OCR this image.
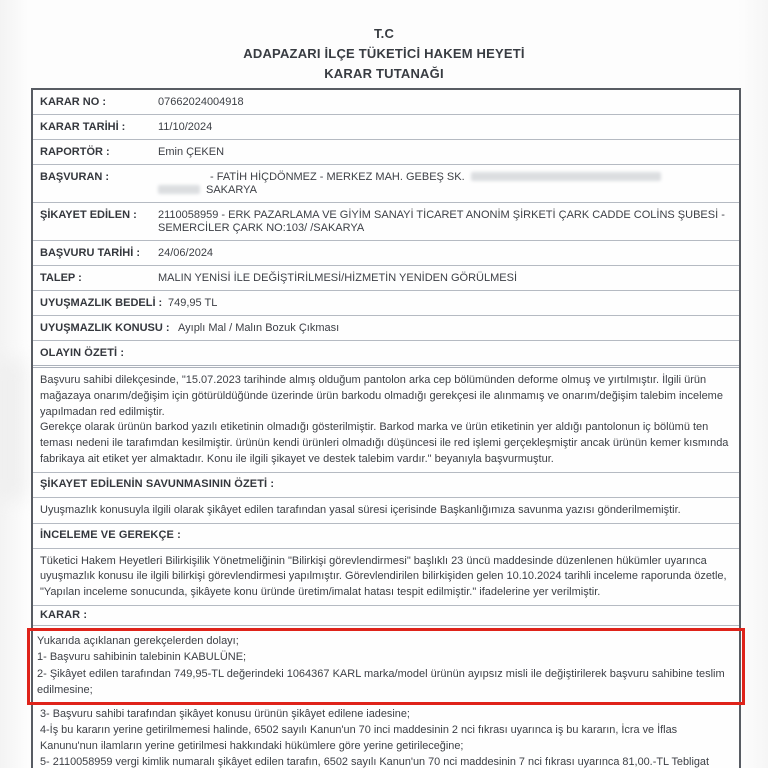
T.C
ADAPAZARI İLÇE TÜKETİCİ HAKEM HEYETİ
KARAR TUTANAĞI
KARAR NO :	07662024004918
KARAR TARİHİ :	11/10/2024
RAPORTÖR :	Emin ÇEKEN
BAŞVURAN :	- FATİH HİÇDÖNMEZ - MERKEZ MAH. GEBEŞ SK.
SAKARYA
ŞİKAYET EDİLEN :	2110058959 - ERK PAZARLAMA VE GİYİM SANAYİ TİCARET ANONİM ŞİRKETİ ÇARK CADDE COLİNS ŞUBESİ - SEMERCİLER ÇARK NO:103/ /SAKARYA
BAŞVURU TARİHİ :	24/06/2024
TALEP :	MALIN YENİSİ İLE DEĞİŞTİRİLMESİ/HİZMETİN YENİDEN GÖRÜLMESİ
UYUŞMAZLIK BEDELİ : 749,95 TL
UYUŞMAZLIK KONUSU : Ayıplı Mal / Malın Bozuk Çıkması
OLAYIN ÖZETİ :
Başvuru sahibi dilekçesinde, "15.07.2023 tarihinde almış olduğum pantolon arka cep bölümünden deforme olmuş ve yırtılmıştır. İlgili ürün mağazaya onarım/değişim için götürüldüğünde üzerinde ürün barkodu olmadığı gerekçesi ile alınmamış ve onarım/değişim talebim inceleme yapılmadan red edilmiştir.
Gerekçe olarak ürünün barkod yazılı etiketinin olmadığı gösterilmiştir. Barkod marka ve ürün etiketinin yer aldığı pantolonun iç bölümü ten teması nedeni ile tarafımdan kesilmiştir. ürünün kendi ürünleri olmadığı düşüncesi ile red işlemi gerçekleşmiştir ancak ürünün kemer kısmında fabrikaya ait etiket yer almaktadır. Konu ile ilgili şikayet ve destek talebim vardır." beyanıyla başvurmuştur.
ŞİKAYET EDİLENİN SAVUNMASININ ÖZETİ :
Uyuşmazlık konusuyla ilgili olarak şikâyet edilen tarafından yasal süresi içerisinde Başkanlığımıza savunma yazısı gönderilmemiştir.
İNCELEME VE GEREKÇE :
Tüketici Hakem Heyetleri Bilirkişilik Yönetmeliğinin "Bilirkişi görevlendirmesi" başlıklı 23 üncü maddesinde düzenlenen hükümler uyarınca uyuşmazlık konusu ile ilgili bilirkişi görevlendirmesi yapılmıştır. Görevlendirilen bilirkişiden gelen 10.10.2024 tarihli inceleme raporunda özetle, "Yapılan inceleme sonucunda, şikâyete konu üründe üretim/imalat hatası tespit edilmiştir." ifadelerine yer verilmiştir.
KARAR :
Yukarıda açıklanan gerekçelerden dolayı;
1- Başvuru sahibinin talebinin KABULÜNE;
2- Şikâyet edilen tarafından 749,95-TL değerindeki 1064367 KARL marka/model ürünün ayıpsız misli ile değiştirilerek başvuru sahibine teslim edilmesine;
3- Başvuru sahibi tarafından şikâyet konusu ürünün şikâyet edilene iadesine;
4-İş bu kararın yerine getirilmemesi halinde, 6502 sayılı Kanun'un 70 inci maddesinin 2 nci fıkrası uyarınca iş bu kararın, İcra ve İflas Kanunu'nun ilamların yerine getirilmesi hakkındaki hükümlere göre yerine getirileceğine;
5- 2110058959 vergi kimlik numaralı şikâyet edilen tarafın, 6502 sayılı Kanun'un 70 nci maddesinin 7 nci fıkrası uyarınca 81,00.-TL Tebligat
